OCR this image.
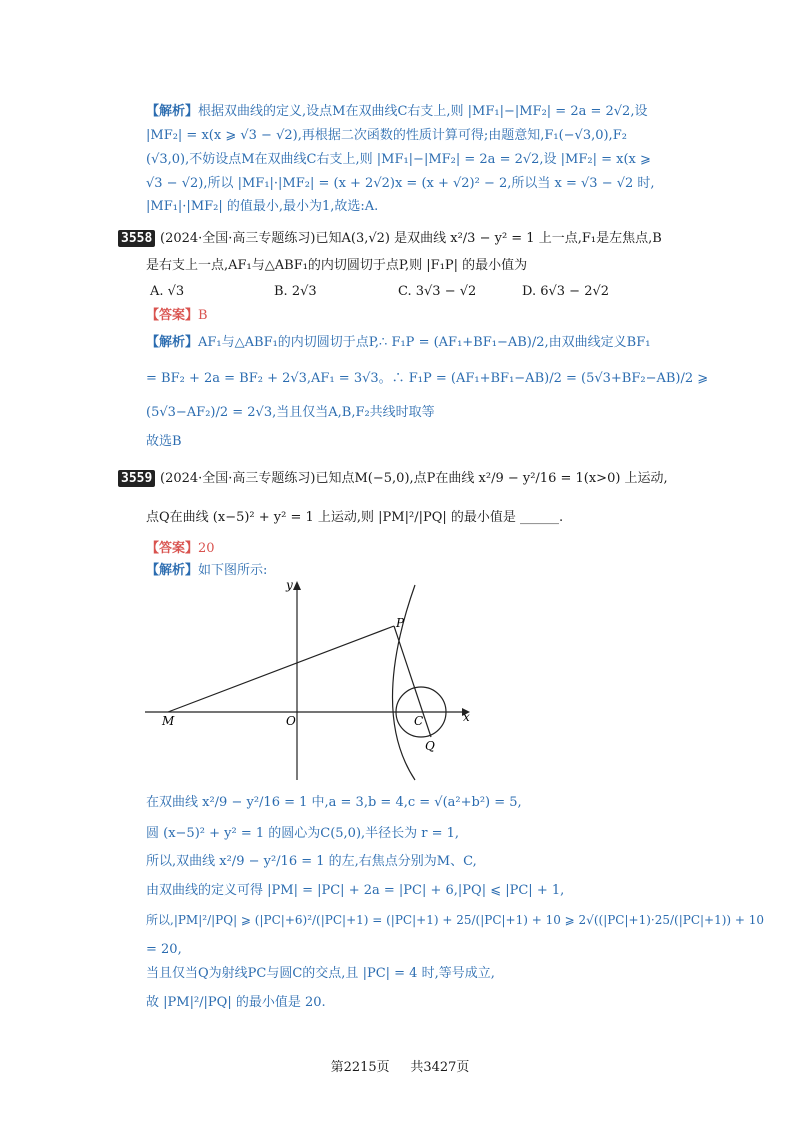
【解析】根据双曲线的定义,设点M在双曲线C右支上,则 |MF₁|−|MF₂| = 2a = 2√2,设
|MF₂| = x(x ⩾ √3 − √2),再根据二次函数的性质计算可得;由题意知,F₁(−√3,0),F₂
(√3,0),不妨设点M在双曲线C右支上,则 |MF₁|−|MF₂| = 2a = 2√2,设 |MF₂| = x(x ⩾
√3 − √2),所以 |MF₁|·|MF₂| = (x + 2√2)x = (x + √2)² − 2,所以当 x = √3 − √2 时,
|MF₁|·|MF₂| 的值最小,最小为1,故选:A.
3558 (2024·全国·高三专题练习)已知A(3,√2) 是双曲线 x²/3 − y² = 1 上一点,F₁是左焦点,B
是右支上一点,AF₁与△ABF₁的内切圆切于点P,则 |F₁P| 的最小值为
A. √3	B. 2√3	C. 3√3 − √2	D. 6√3 − 2√2
【答案】B
【解析】AF₁与△ABF₁的内切圆切于点P,∴ F₁P = (AF₁+BF₁−AB)/2,由双曲线定义BF₁
= BF₂ + 2a = BF₂ + 2√3,AF₁ = 3√3。∴ F₁P = (AF₁+BF₁−AB)/2 = (5√3+BF₂−AB)/2 ⩾
(5√3−AF₂)/2 = 2√3,当且仅当A,B,F₂共线时取等
故选B
3559 (2024·全国·高三专题练习)已知点M(−5,0),点P在曲线 x²/9 − y²/16 = 1(x>0) 上运动,
点Q在曲线 (x−5)² + y² = 1 上运动,则 |PM|²/|PQ| 的最小值是 ______.
【答案】20
【解析】如下图所示:
y
x
M	O	C
P
Q
在双曲线 x²/9 − y²/16 = 1 中,a = 3,b = 4,c = √(a²+b²) = 5,
圆 (x−5)² + y² = 1 的圆心为C(5,0),半径长为 r = 1,
所以,双曲线 x²/9 − y²/16 = 1 的左,右焦点分别为M、C,
由双曲线的定义可得 |PM| = |PC| + 2a = |PC| + 6,|PQ| ⩽ |PC| + 1,
所以,|PM|²/|PQ| ⩾ (|PC|+6)²/(|PC|+1) = (|PC|+1) + 25/(|PC|+1) + 10 ⩾ 2√((|PC|+1)·25/(|PC|+1)) + 10
= 20,
当且仅当Q为射线PC与圆C的交点,且 |PC| = 4 时,等号成立,
故 |PM|²/|PQ| 的最小值是 20.
第2215页 共3427页
